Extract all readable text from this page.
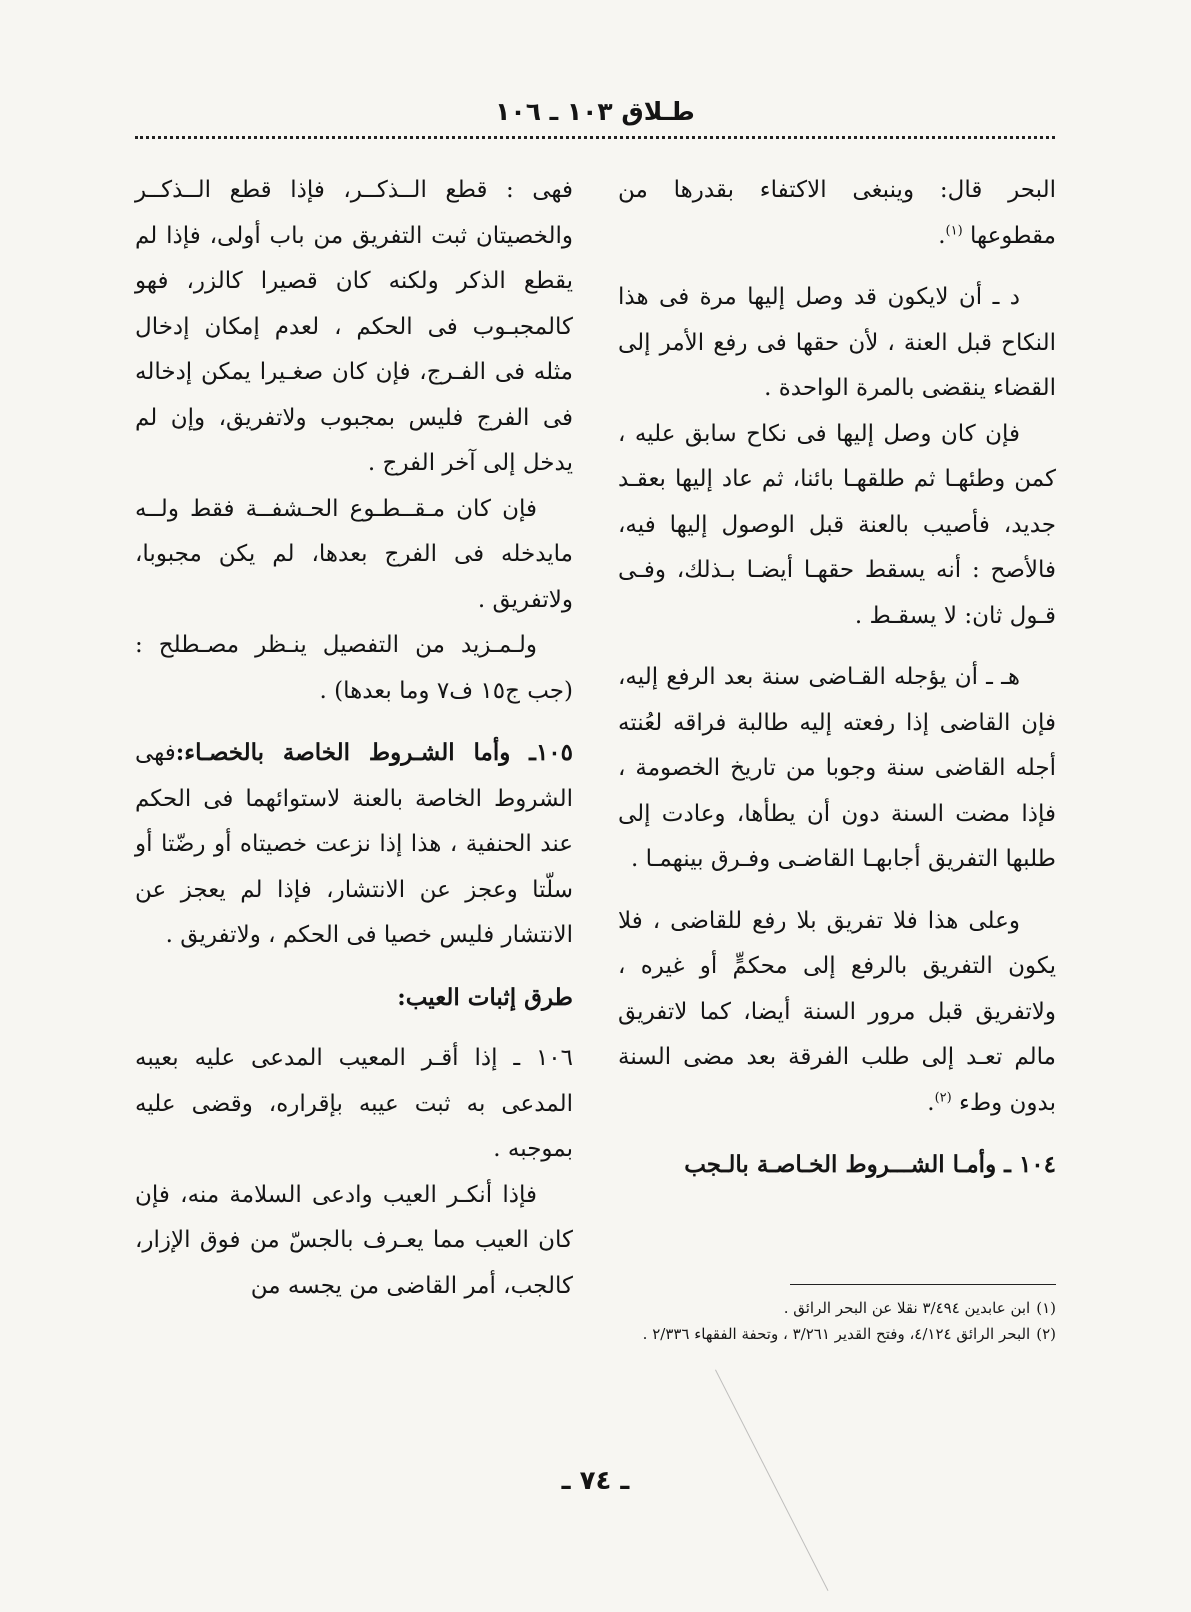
طـلاق ١٠٣ ـ ١٠٦

البحر قال: وينبغى الاكتفاء بقدرها من مقطوعها $^{(١)}$.

د ـ أن لايكون قد وصل إليها مرة فى هذا النكاح قبل العنة ، لأن حقها فى رفع الأمر إلى القضاء ينقضى بالمرة الواحدة .

فإن كان وصل إليها فى نكاح سابق عليه ، كمن وطئهـا ثم طلقهـا بائنا، ثم عاد إليها بعقـد جديد، فأصيب بالعنة قبل الوصول إليها فيه، فالأصح : أنه يسقط حقهـا أيضـا بـذلك، وفـى قـول ثان: لا يسقـط .

هـ ـ أن يؤجله القـاضى سنة بعد الرفع إليه، فإن القاضى إذا رفعته إليه طالبة فراقه لعُنته أجله القاضى سنة وجوبا من تاريخ الخصومة ، فإذا مضت السنة دون أن يطأها، وعادت إلى طلبها التفريق أجابهـا القاضـى وفـرق بينهمـا .

وعلى هذا فلا تفريق بلا رفع للقاضى ، فلا يكون التفريق بالرفع إلى محكمٍّ أو غيره ، ولاتفريق قبل مرور السنة أيضا، كما لاتفريق مالم تعـد إلى طلب الفرقة بعد مضى السنة بدون وطء $^{(٢)}$.

١٠٤ ـ وأمـا الشـــروط الخـاصـة بالـجب

فهى : قطع الــذكــر، فإذا قطع الــذكــر والخصيتان ثبت التفريق من باب أولى، فإذا لم يقطع الذكر ولكنه كان قصيرا كالزر، فهو كالمجبـوب فى الحكم ، لعدم إمكان إدخال مثله فى الفـرج، فإن كان صغـيرا يمكن إدخاله فى الفرج فليس بمجبوب ولاتفريق، وإن لم يدخل إلى آخر الفرج .

فإن كان مـقــطـوع الحـشفــة فقط ولــه مايدخله فى الفرج بعدها، لم يكن مجبوبا، ولاتفريق .

ولـمـزيد من التفصيل ينـظر مصـطلح : (جب ج١٥ ف٧ وما بعدها) .

١٠٥ـ وأما الشـروط الخاصة بالخصـاء:فهى الشروط الخاصة بالعنة لاستوائهما فى الحكم عند الحنفية ، هذا إذا نزعت خصيتاه أو رضّتا أو سلّتا وعجز عن الانتشار، فإذا لم يعجز عن الانتشار فليس خصيا فى الحكم ، ولاتفريق .

طرق إثبات العيب:

١٠٦ ـ إذا أقـر المعيب المدعى عليه بعيبه المدعى به ثبت عيبه بإقراره، وقضى عليه بموجبه .

فإذا أنكـر العيب وادعى السلامة منه، فإن كان العيب مما يعـرف بالجسّ من فوق الإزار، كالجب، أمر القاضى من يجسه من

(١)ابن عابدين ٣/٤٩٤ نقلا عن البحر الرائق .

(٢)البحر الرائق ٤/١٢٤، وفتح القدير ٣/٢٦١ ، وتحفة الفقهاء ٢/٣٣٦ .

ـ ٧٤ ـ
